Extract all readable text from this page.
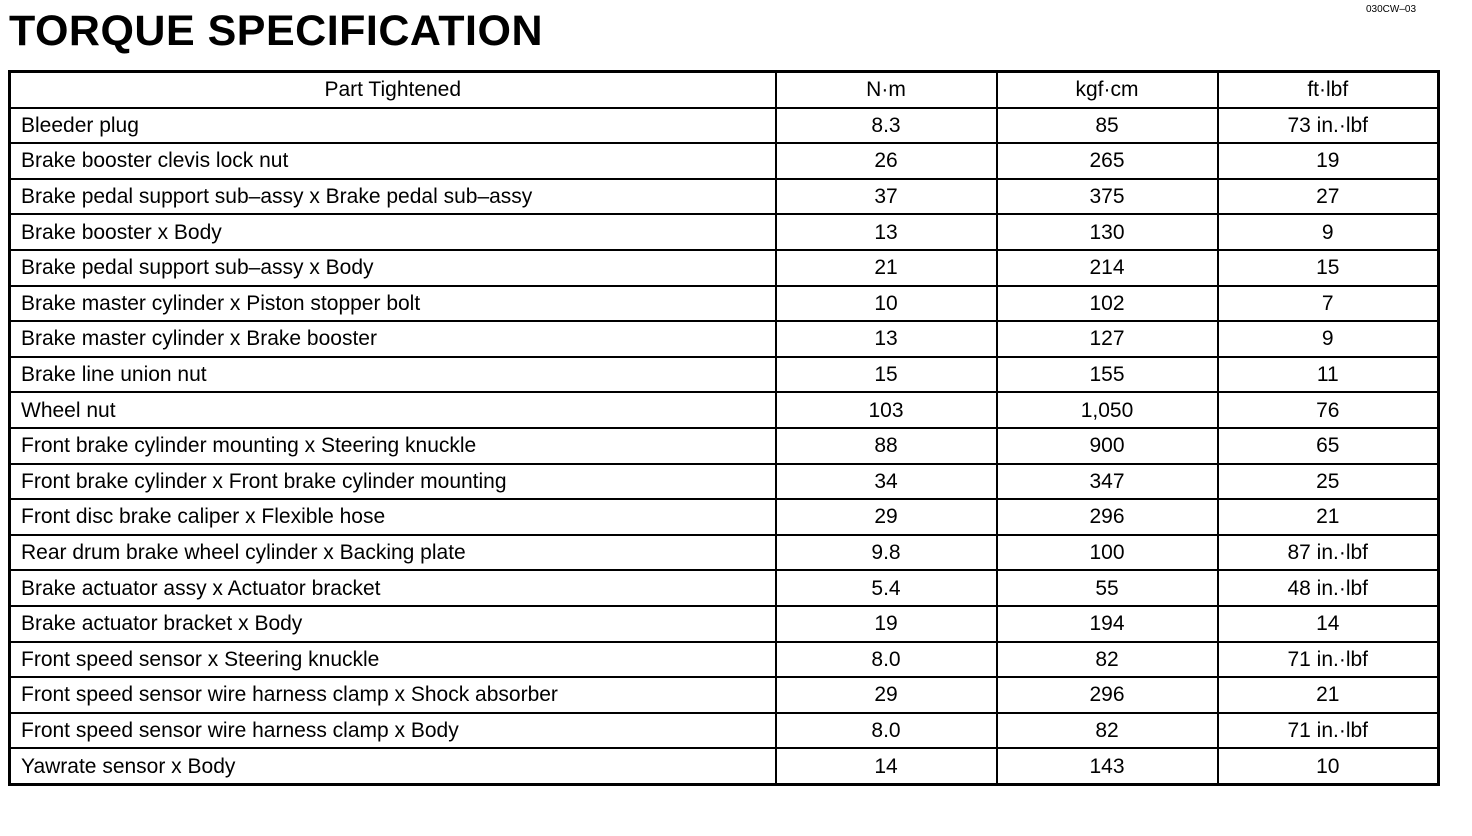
030CW–03
TORQUE SPECIFICATION
Part Tightened	N·m	kgf·cm	ft·lbf
Bleeder plug	8.3	85	73 in.·lbf
Brake booster clevis lock nut	26	265	19
Brake pedal support sub–assy x Brake pedal sub–assy	37	375	27
Brake booster x Body	13	130	9
Brake pedal support sub–assy x Body	21	214	15
Brake master cylinder x Piston stopper bolt	10	102	7
Brake master cylinder x Brake booster	13	127	9
Brake line union nut	15	155	11
Wheel nut	103	1,050	76
Front brake cylinder mounting x Steering knuckle	88	900	65
Front brake cylinder x Front brake cylinder mounting	34	347	25
Front disc brake caliper x Flexible hose	29	296	21
Rear drum brake wheel cylinder x Backing plate	9.8	100	87 in.·lbf
Brake actuator assy x Actuator bracket	5.4	55	48 in.·lbf
Brake actuator bracket x Body	19	194	14
Front speed sensor x Steering knuckle	8.0	82	71 in.·lbf
Front speed sensor wire harness clamp x Shock absorber	29	296	21
Front speed sensor wire harness clamp x Body	8.0	82	71 in.·lbf
Yawrate sensor x Body	14	143	10
